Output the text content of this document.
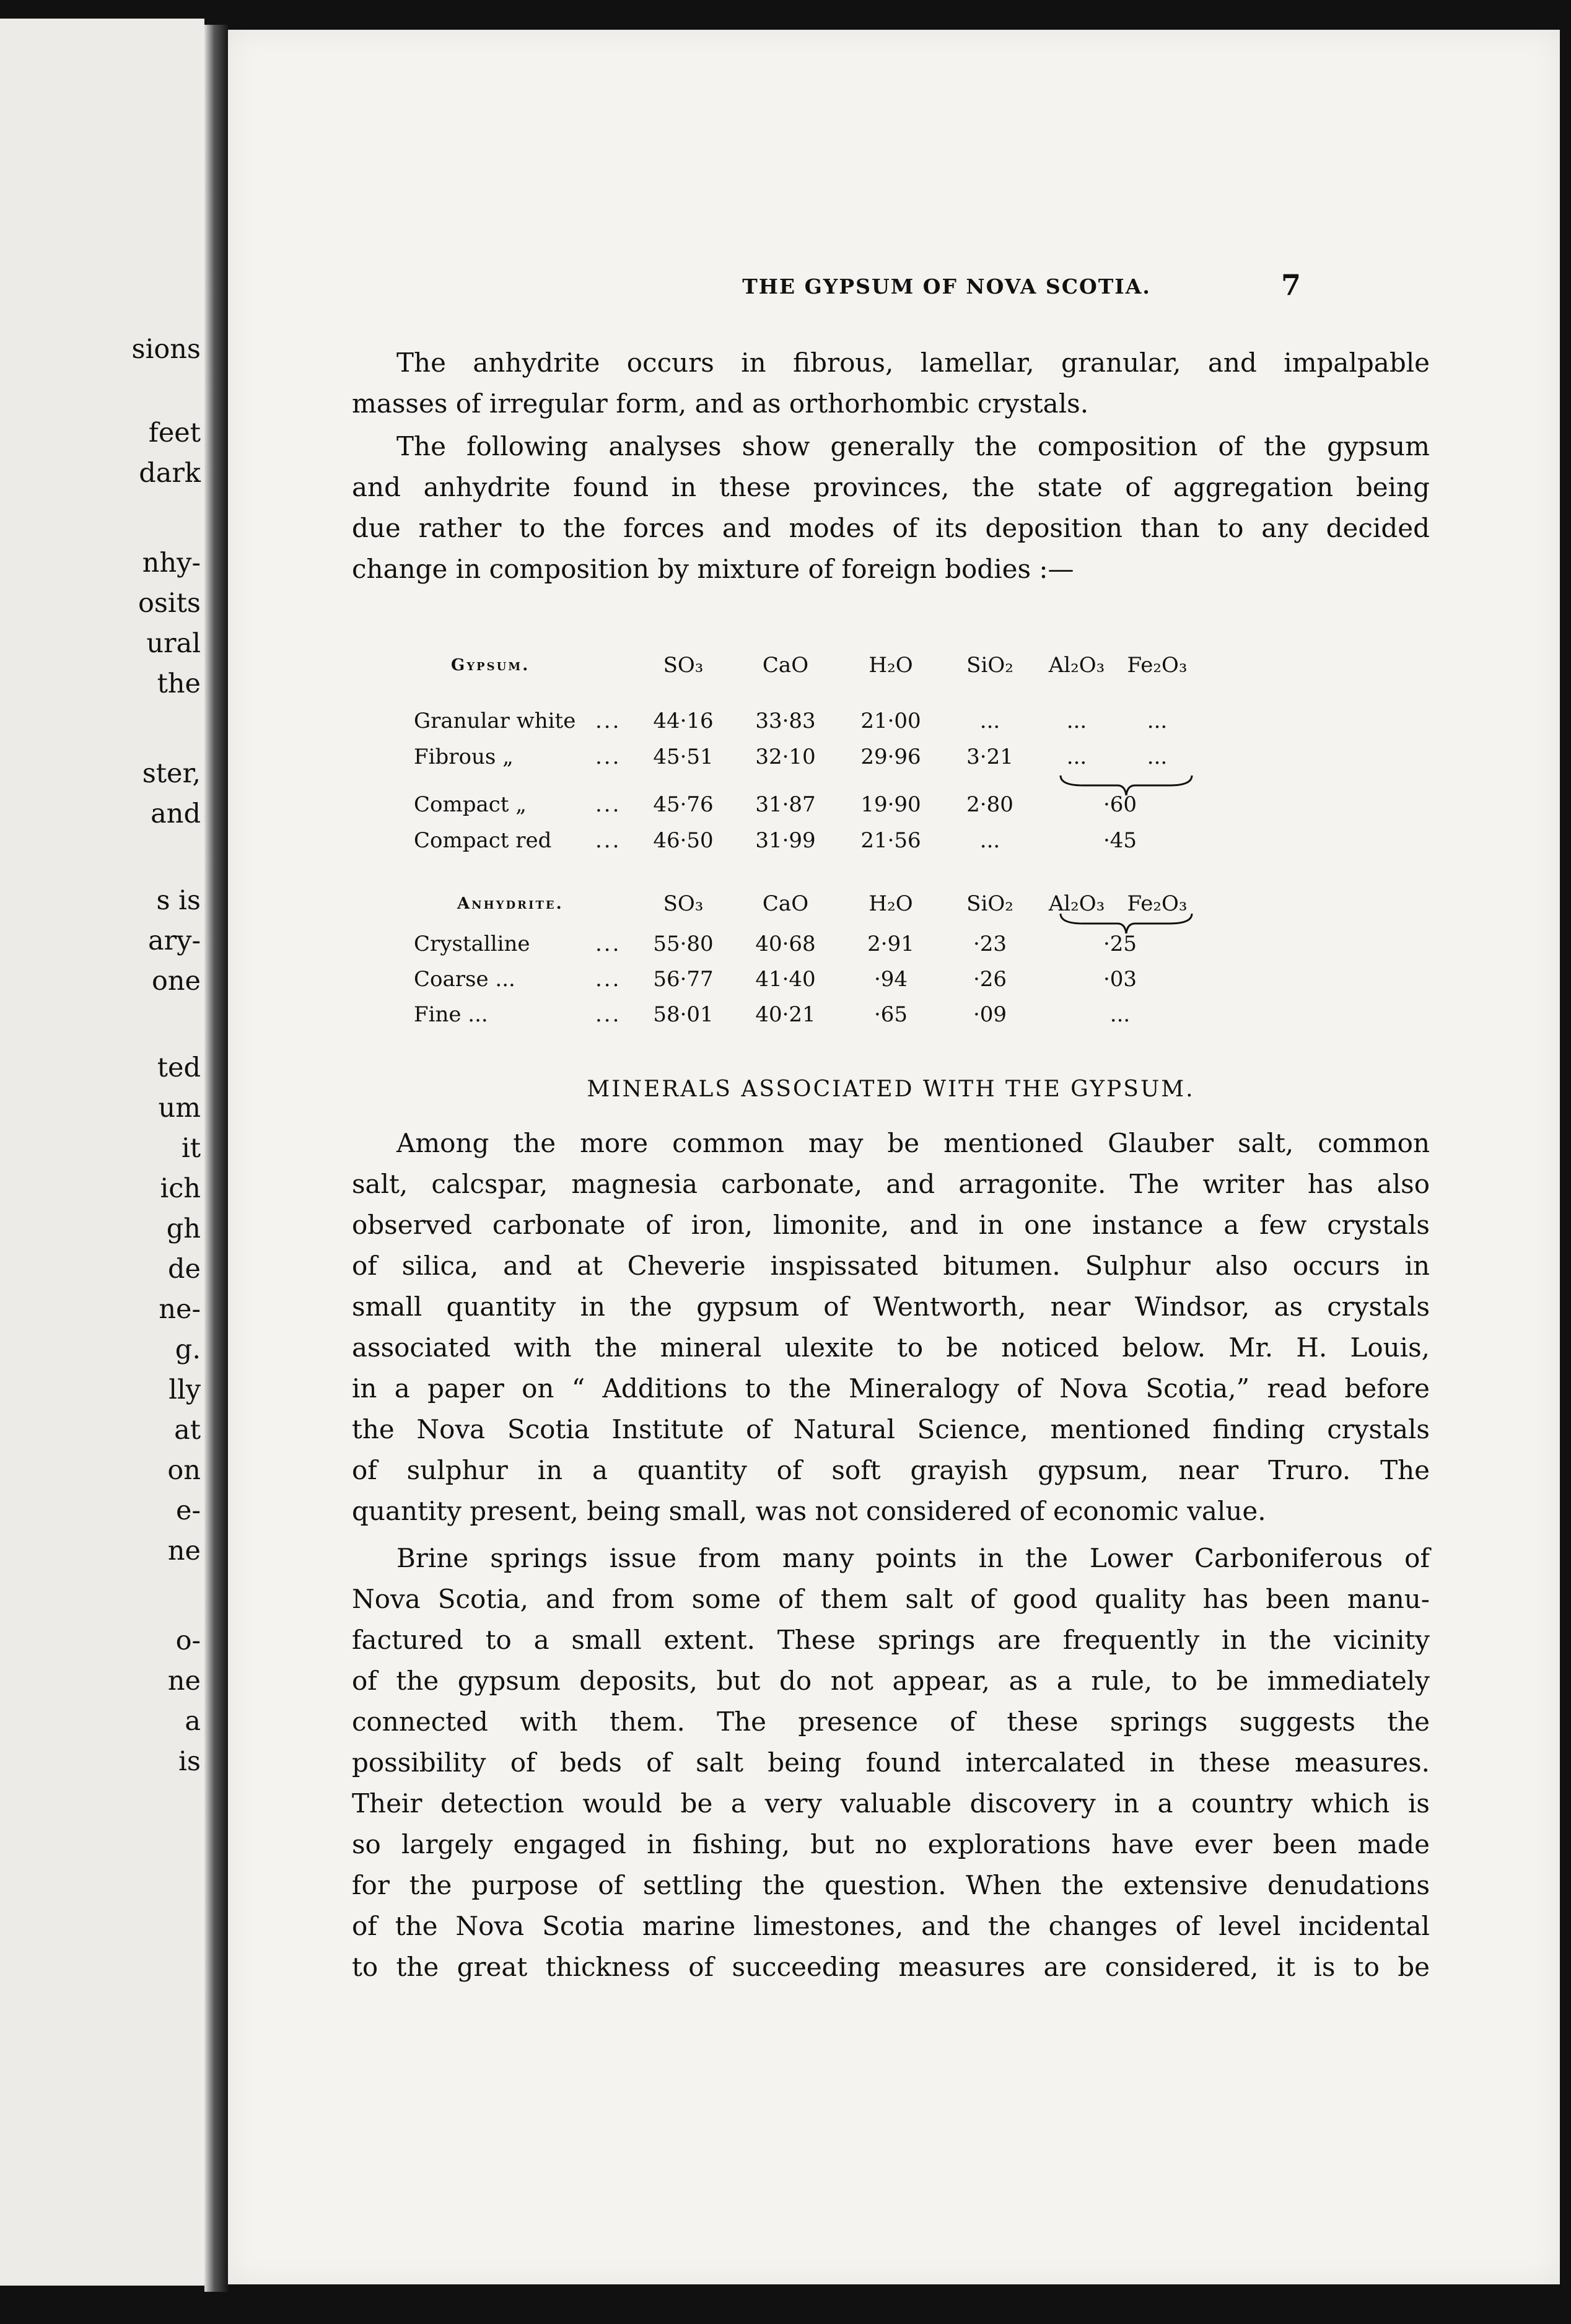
sions
feet
dark
nhy-
osits
ural
the
ster,
and
s is
ary-
one
ted
um
it
ich
gh
de
ne-
g.
lly
at
on
e-
ne
o-
ne
a
is
THE GYPSUM OF NOVA SCOTIA.	7
The anhydrite occurs in fibrous, lamellar, granular, and impalpable
masses of irregular form, and as orthorhombic crystals.
The following analyses show generally the composition of the gypsum
and anhydrite found in these provinces, the state of aggregation being
due rather to the forces and modes of its deposition than to any decided
change in composition by mixture of foreign bodies :—
Gypsum.	SO₃	CaO	H₂O	SiO₂	Al₂O₃	Fe₂O₃
Granular white ...	44·16	33·83	21·00	...	...	...
Fibrous „	...	45·51	32·10	29·96	3·21	...	...
Compact „	...	45·76	31·87	19·90	2·80	·60
Compact red ...	46·50	31·99	21·56	...	·45
Anhydrite.	SO₃	CaO	H₂O	SiO₂	Al₂O₃	Fe₂O₃
Crystalline	...	55·80	40·68	2·91	·23	·25
Coarse ...	...	56·77	41·40	·94	·26	·03
Fine ...	...	58·01	40·21	·65	·09	...
MINERALS ASSOCIATED WITH THE GYPSUM.
Among the more common may be mentioned Glauber salt, common
salt, calcspar, magnesia carbonate, and arragonite. The writer has also
observed carbonate of iron, limonite, and in one instance a few crystals
of silica, and at Cheverie inspissated bitumen. Sulphur also occurs in
small quantity in the gypsum of Wentworth, near Windsor, as crystals
associated with the mineral ulexite to be noticed below. Mr. H. Louis,
in a paper on “ Additions to the Mineralogy of Nova Scotia,” read before
the Nova Scotia Institute of Natural Science, mentioned finding crystals
of sulphur in a quantity of soft grayish gypsum, near Truro. The
quantity present, being small, was not considered of economic value.
Brine springs issue from many points in the Lower Carboniferous of
Nova Scotia, and from some of them salt of good quality has been manu-
factured to a small extent. These springs are frequently in the vicinity
of the gypsum deposits, but do not appear, as a rule, to be immediately
connected with them. The presence of these springs suggests the
possibility of beds of salt being found intercalated in these measures.
Their detection would be a very valuable discovery in a country which is
so largely engaged in fishing, but no explorations have ever been made
for the purpose of settling the question. When the extensive denudations
of the Nova Scotia marine limestones, and the changes of level incidental
to the great thickness of succeeding measures are considered, it is to be
